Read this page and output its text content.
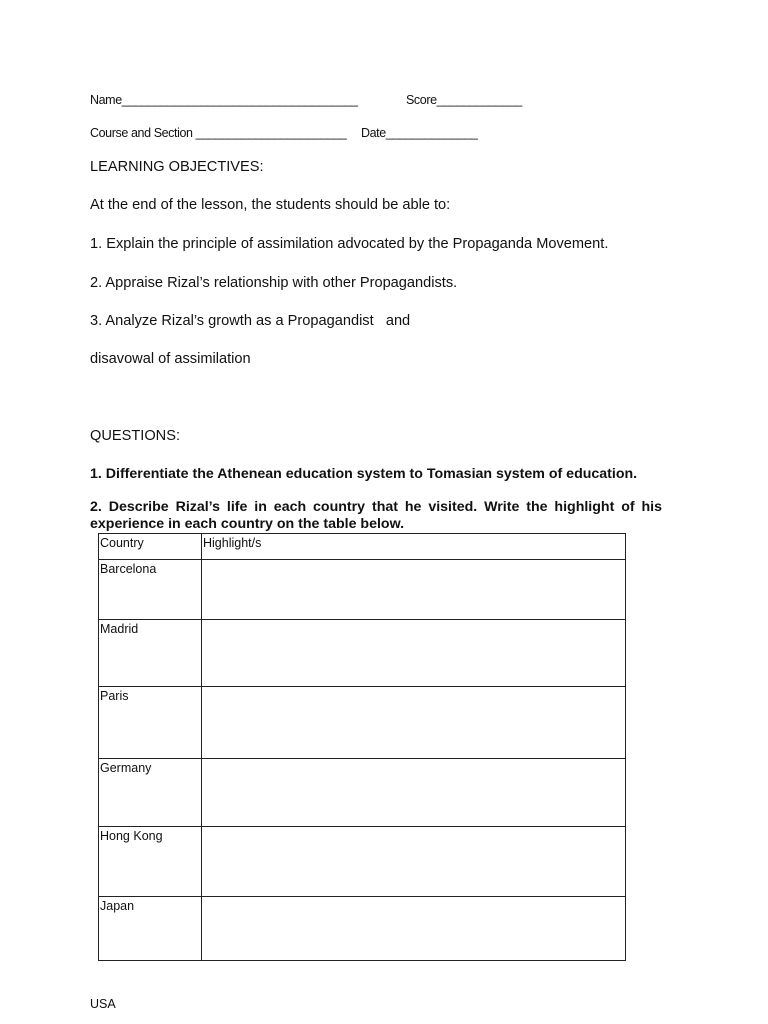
Name____________________________________	Score_____________
Course and Section _______________________ Date______________
LEARNING OBJECTIVES:
At the end of the lesson, the students should be able to:
1. Explain the principle of assimilation advocated by the Propaganda Movement.
2. Appraise Rizal’s relationship with other Propagandists.
3. Analyze Rizal’s growth as a Propagandist   and
disavowal of assimilation
QUESTIONS:
1. Differentiate the Athenean education system to Tomasian system of education.
2. Describe Rizal’s life in each country that he visited. Write the highlight of his experience in each country on the table below.
Country	Highlight/s
Barcelona	
Madrid	
Paris	
Germany	
Hong Kong	
Japan	
USA
